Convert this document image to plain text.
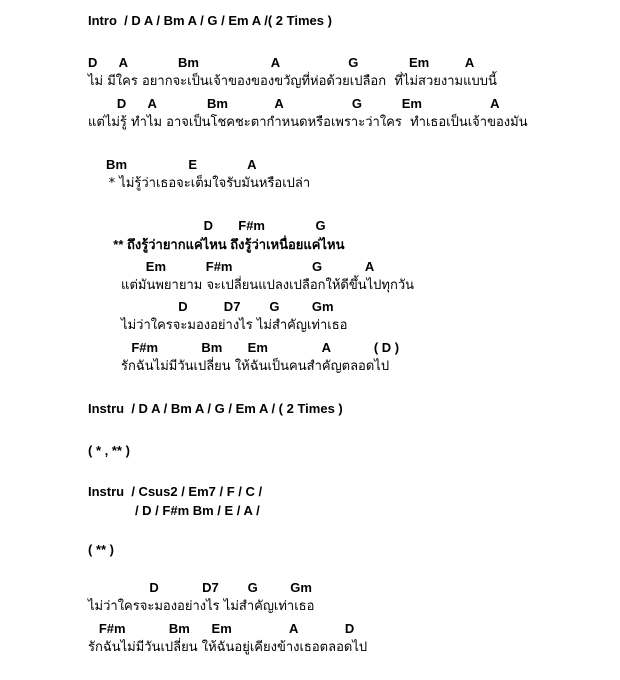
Intro  / D A / Bm A / G / Em A /( 2 Times )
D      A              Bm                    A                   G              Em          A
ไม่ มีใคร อยากจะเป็นเจ้าของของขวัญที่ห่อด้วยเปลือก  ที่ไม่สวยงามแบบนี้
D      A              Bm             A                   G           Em                   A
แต่ไม่รู้ ทำไม อาจเป็นโชคชะตากำหนดหรือเพราะว่าใคร  ทำเธอเป็นเจ้าของมัน
Bm                 E              A
* ไม่รู้ว่าเธอจะเต็มใจรับมันหรือเปล่า
D       F#m              G
** ถึงรู้ว่ายากแค่ไหน ถึงรู้ว่าเหนื่อยแค่ไหน
Em           F#m                      G            A
แต่มันพยายาม จะเปลี่ยนแปลงเปลือกให้ดีขึ้นไปทุกวัน
D          D7        G         Gm
ไม่ว่าใครจะมองอย่างไร ไม่สำคัญเท่าเธอ
F#m            Bm       Em               A            ( D )
รักฉันไม่มีวันเปลี่ยน ให้ฉันเป็นคนสำคัญตลอดไป
Instru  / D A / Bm A / G / Em A / ( 2 Times )
( * , ** )
Instru  / Csus2 / Em7 / F / C /
/ D / F#m Bm / E / A /
( ** )
D            D7        G         Gm
ไม่ว่าใครจะมองอย่างไร ไม่สำคัญเท่าเธอ
F#m            Bm      Em                A             D
รักฉันไม่มีวันเปลี่ยน ให้ฉันอยู่เคียงข้างเธอตลอดไป
